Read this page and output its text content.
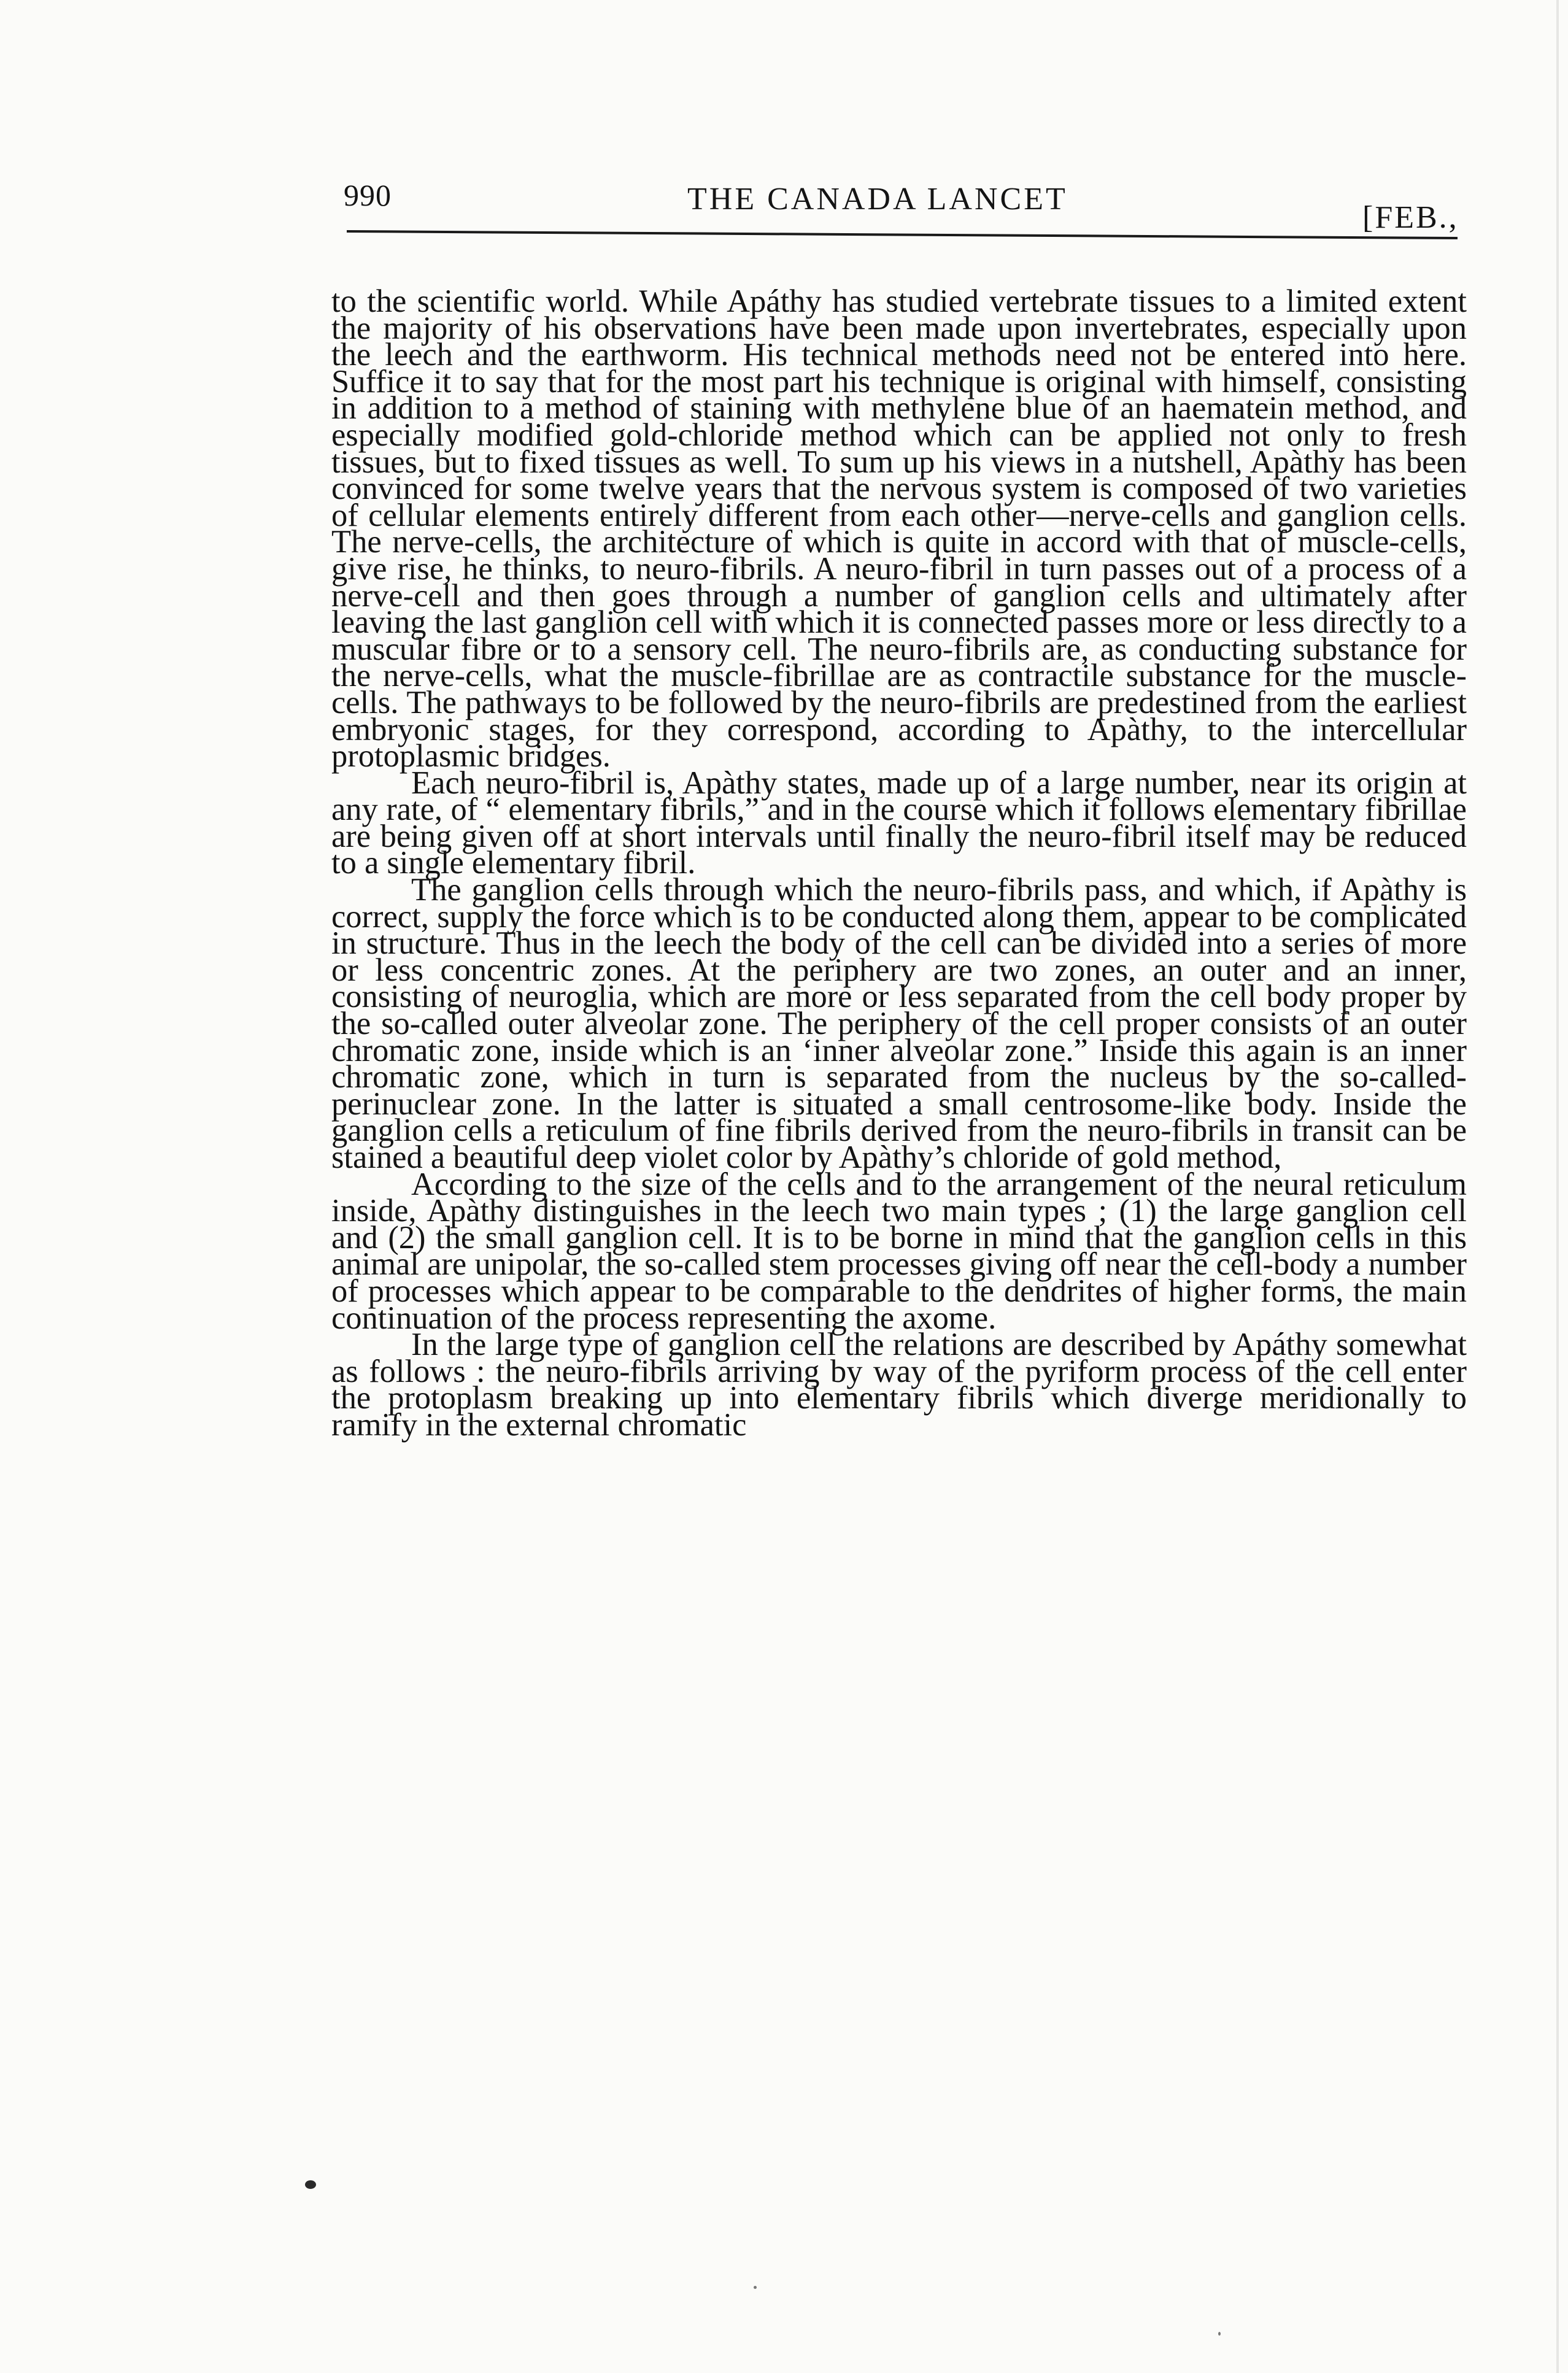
990	THE CANADA LANCET
[FEB.,

to the scientific world. While Apáthy has studied vertebrate tissues to a limited extent the majority of his observations have been made upon invertebrates, especially upon the leech and the earthworm. His technical methods need not be entered into here. Suffice it to say that for the most part his technique is original with himself, consisting in addition to a method of staining with methylene blue of an haematein method, and especially modified gold-chloride method which can be applied not only to fresh tissues, but to fixed tissues as well. To sum up his views in a nutshell, Apàthy has been convinced for some twelve years that the nervous system is composed of two varieties of cellular elements entirely different from each other—nerve-cells and ganglion cells. The nerve-cells, the architecture of which is quite in accord with that of muscle-cells, give rise, he thinks, to neuro-fibrils. A neuro-fibril in turn passes out of a process of a nerve-cell and then goes through a number of ganglion cells and ultimately after leaving the last ganglion cell with which it is connected passes more or less directly to a muscular fibre or to a sensory cell. The neuro-fibrils are, as conducting substance for the nerve-cells, what the muscle-fibrillae are as contractile substance for the muscle-cells. The pathways to be followed by the neuro-fibrils are predestined from the earliest embryonic stages, for they correspond, according to Apàthy, to the intercellular protoplasmic bridges.

Each neuro-fibril is, Apàthy states, made up of a large number, near its origin at any rate, of “ elementary fibrils,” and in the course which it follows elementary fibrillae are being given off at short intervals until finally the neuro-fibril itself may be reduced to a single elementary fibril.

The ganglion cells through which the neuro-fibrils pass, and which, if Apàthy is correct, supply the force which is to be conducted along them, appear to be complicated in structure. Thus in the leech the body of the cell can be divided into a series of more or less concentric zones. At the periphery are two zones, an outer and an inner, consisting of neuroglia, which are more or less separated from the cell body proper by the so-called outer alveolar zone. The periphery of the cell proper consists of an outer chromatic zone, inside which is an ‘inner alveolar zone.” Inside this again is an inner chromatic zone, which in turn is separated from the nucleus by the so-called-perinuclear zone. In the latter is situated a small centrosome-like body. Inside the ganglion cells a reticulum of fine fibrils derived from the neuro-fibrils in transit can be stained a beautiful deep violet color by Apàthy’s chloride of gold method,

According to the size of the cells and to the arrangement of the neural reticulum inside, Apàthy distinguishes in the leech two main types ; (1) the large ganglion cell and (2) the small ganglion cell. It is to be borne in mind that the ganglion cells in this animal are unipolar, the so-called stem processes giving off near the cell-body a number of processes which appear to be comparable to the dendrites of higher forms, the main continuation of the process representing the axome.

In the large type of ganglion cell the relations are described by Apáthy somewhat as follows : the neuro-fibrils arriving by way of the pyriform process of the cell enter the protoplasm breaking up into elementary fibrils which diverge meridionally to ramify in the external chromatic
